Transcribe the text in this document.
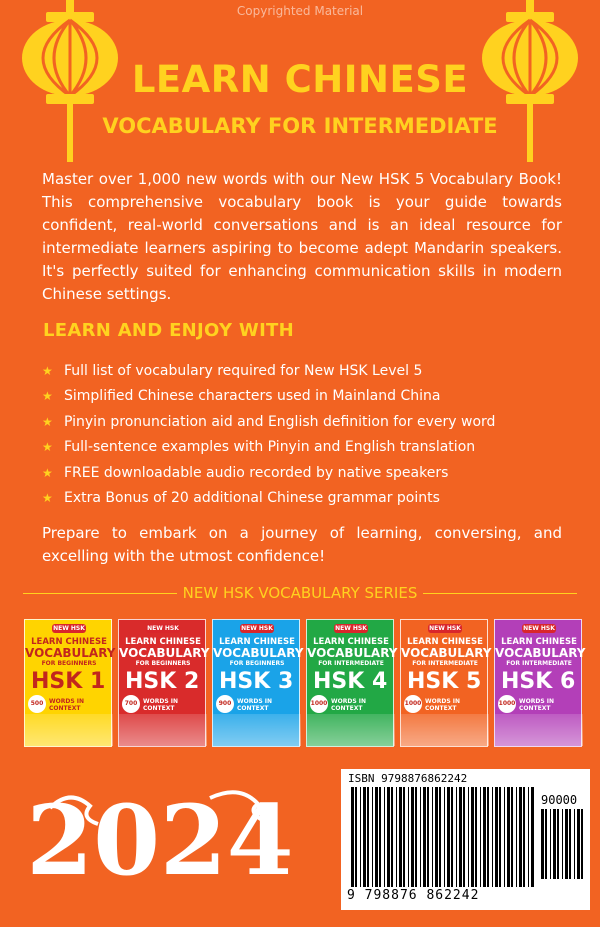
Copyrighted Material
LEARN CHINESE
VOCABULARY FOR INTERMEDIATE
Master over 1,000 new words with our New HSK 5 Vocabulary Book! This comprehensive vocabulary book is your guide towards confident, real-world conversations and is an ideal resource for intermediate learners aspiring to become adept Mandarin speakers. It's perfectly suited for enhancing communication skills in modern Chinese settings.
LEARN AND ENJOY WITH
★ Full list of vocabulary required for New HSK Level 5
★ Simplified Chinese characters used in Mainland China
★ Pinyin pronunciation aid and English definition for every word
★ Full-sentence examples with Pinyin and English translation
★ FREE downloadable audio recorded by native speakers
★ Extra Bonus of 20 additional Chinese grammar points
Prepare to embark on a journey of learning, conversing, and excelling with the utmost confidence!
NEW HSK VOCABULARY SERIES
NEW HSK
LEARN CHINESE
VOCABULARY
FOR BEGINNERS
HSK 1
500 WORDS IN CONTEXT
NEW HSK
LEARN CHINESE
VOCABULARY
FOR BEGINNERS
HSK 2
700 WORDS IN CONTEXT
NEW HSK
LEARN CHINESE
VOCABULARY
FOR BEGINNERS
HSK 3
900 WORDS IN CONTEXT
NEW HSK
LEARN CHINESE
VOCABULARY
FOR INTERMEDIATE
HSK 4
1000 WORDS IN CONTEXT
NEW HSK
LEARN CHINESE
VOCABULARY
FOR INTERMEDIATE
HSK 5
1000 WORDS IN CONTEXT
NEW HSK
LEARN CHINESE
VOCABULARY
FOR INTERMEDIATE
HSK 6
1000 WORDS IN CONTEXT
2024
ISBN 9798876862242
90000
9 798876 862242
